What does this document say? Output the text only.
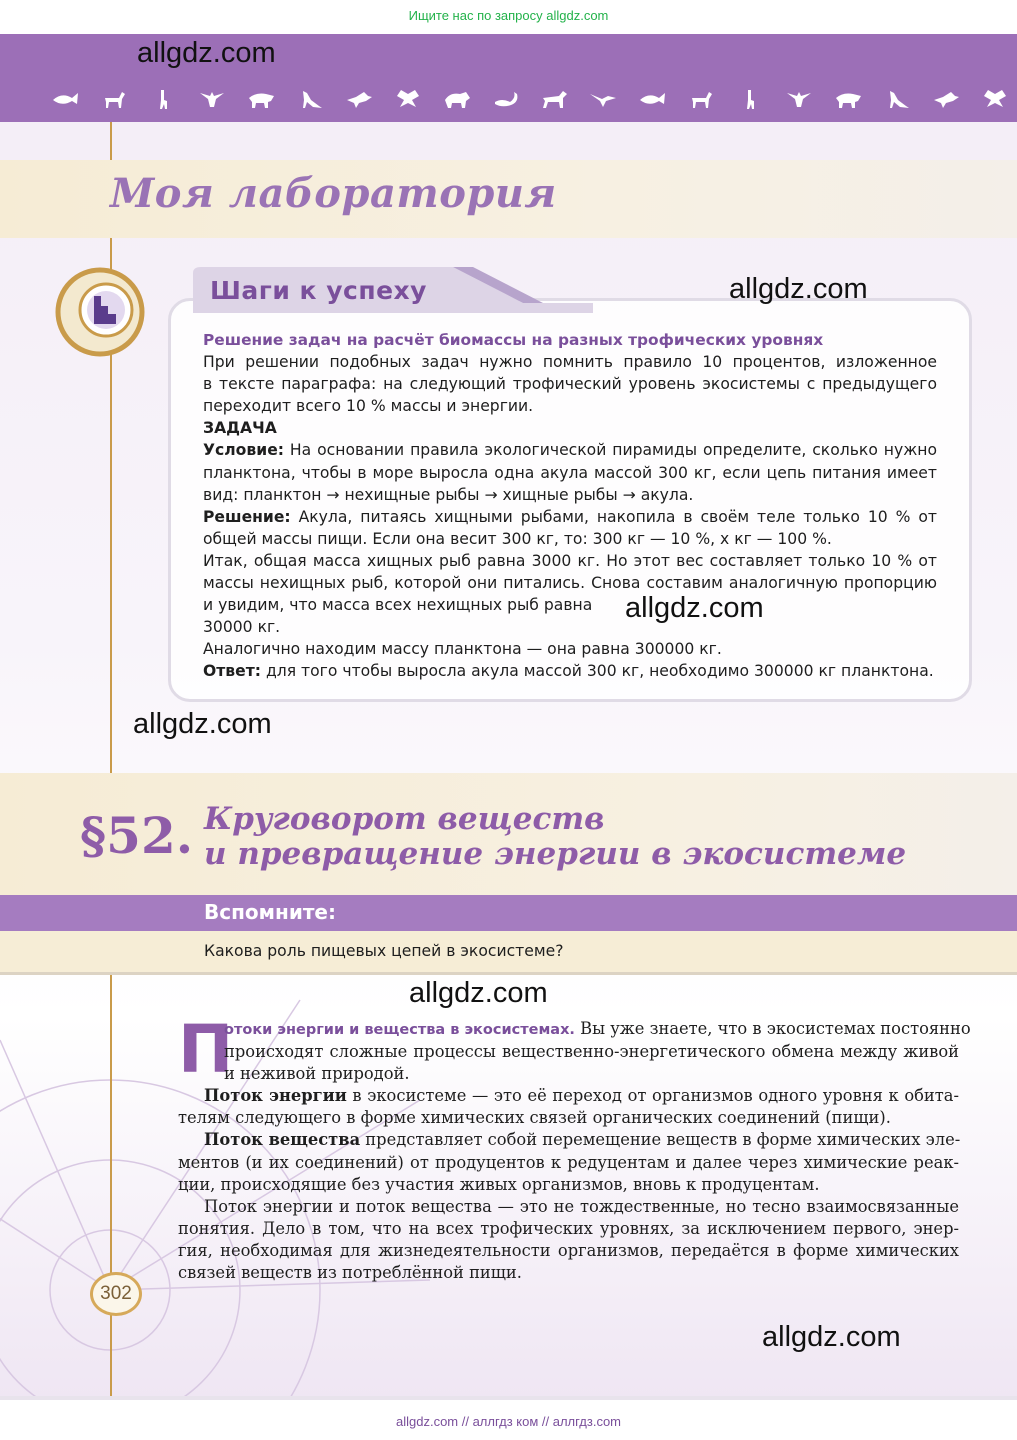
Ищите нас по запросу allgdz.com
allgdz.com
Моя лаборатория
Шаги к успеху	allgdz.com
Решение задач на расчёт биомассы на разных трофических уровнях
При решении подобных задач нужно помнить правило 10 процентов, изложенное
в тексте параграфа: на следующий трофический уровень экосистемы с предыдущего
переходит всего 10 % массы и энергии.
ЗАДАЧА
Условие: На основании правила экологической пирамиды определите, сколько нужно
планктона, чтобы в море выросла одна акула массой 300 кг, если цепь питания имеет
вид: планктон → нехищные рыбы → хищные рыбы → акула.
Решение: Акула, питаясь хищными рыбами, накопила в своём теле только 10 % от
общей массы пищи. Если она весит 300 кг, то: 300 кг — 10 %, х кг — 100 %.
Итак, общая масса хищных рыб равна 3000 кг. Но этот вес составляет только 10 % от
массы нехищных рыб, которой они питались. Снова составим аналогичную пропорцию
и увидим, что масса всех нехищных рыб равна
30000 кг.
Аналогично находим массу планктона — она равна 300000 кг.
Ответ: для того чтобы выросла акула массой 300 кг, необходимо 300000 кг планктона.
allgdz.com
allgdz.com
§52. Круговорот веществ
и превращение энергии в экосистеме
Вспомните:
Какова роль пищевых цепей в экосистеме?
allgdz.com
П
отоки энергии и вещества в экосистемах. Вы уже знаете, что в экосистемах постоянно
происходят сложные процессы вещественно-энергетического обмена между живой
и неживой природой.
Поток энергии в экосистеме — это её переход от организмов одного уровня к обита-
телям следующего в форме химических связей органических соединений (пищи).
Поток вещества представляет собой перемещение веществ в форме химических эле-
ментов (и их соединений) от продуцентов к редуцентам и далее через химические реак-
ции, происходящие без участия живых организмов, вновь к продуцентам.
Поток энергии и поток вещества — это не тождественные, но тесно взаимосвязанные
понятия. Дело в том, что на всех трофических уровнях, за исключением первого, энер-
гия, необходимая для жизнедеятельности организмов, передаётся в форме химических
связей веществ из потреблённой пищи.
302
allgdz.com
allgdz.com // аллгдз ком // аллгдз.com
